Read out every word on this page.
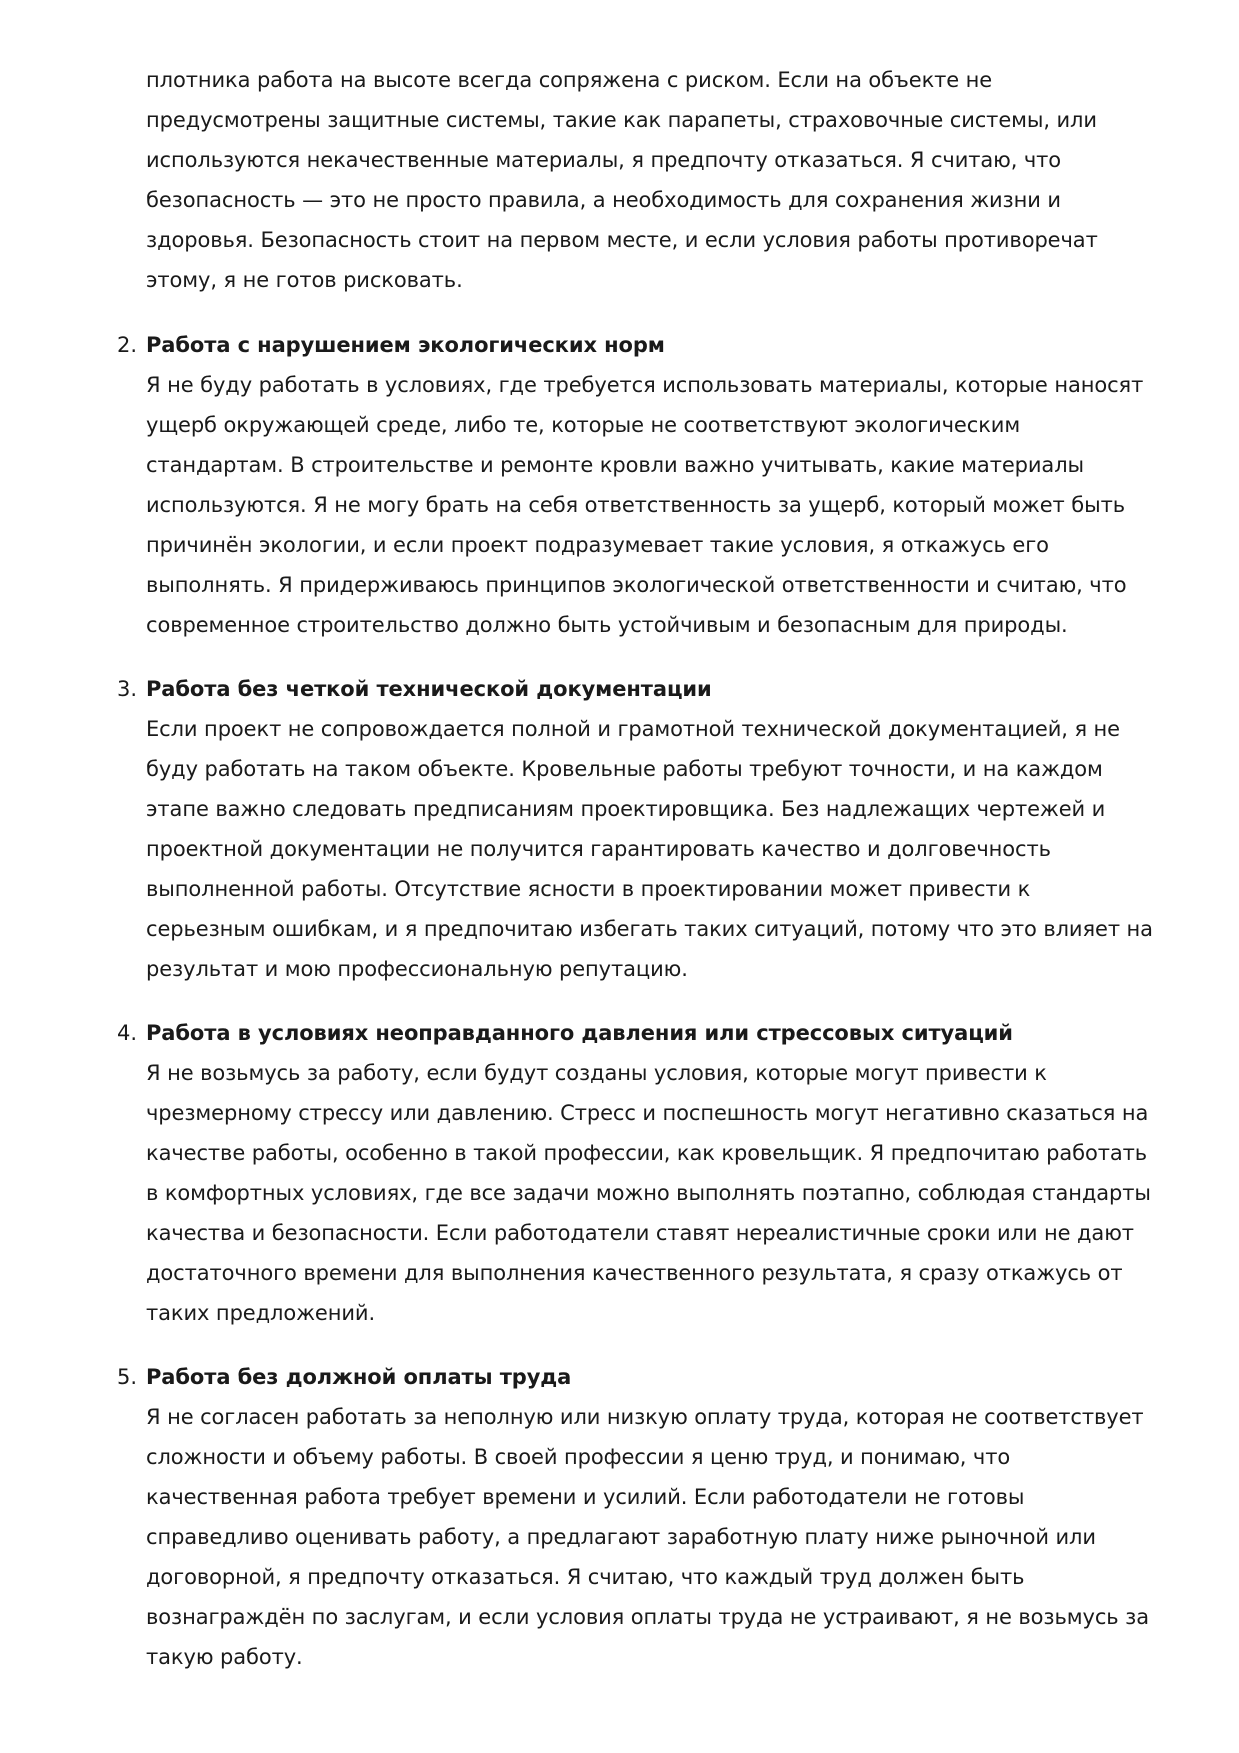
плотника работа на высоте всегда сопряжена с риском. Если на объекте не предусмотрены защитные системы, такие как парапеты, страховочные системы, или используются некачественные материалы, я предпочту отказаться. Я считаю, что безопасность — это не просто правила, а необходимость для сохранения жизни и здоровья. Безопасность стоит на первом месте, и если условия работы противоречат этому, я не готов рисковать.
2. Работа с нарушением экологических норм
Я не буду работать в условиях, где требуется использовать материалы, которые наносят ущерб окружающей среде, либо те, которые не соответствуют экологическим стандартам. В строительстве и ремонте кровли важно учитывать, какие материалы используются. Я не могу брать на себя ответственность за ущерб, который может быть причинён экологии, и если проект подразумевает такие условия, я откажусь его выполнять. Я придерживаюсь принципов экологической ответственности и считаю, что современное строительство должно быть устойчивым и безопасным для природы.
3. Работа без четкой технической документации
Если проект не сопровождается полной и грамотной технической документацией, я не буду работать на таком объекте. Кровельные работы требуют точности, и на каждом этапе важно следовать предписаниям проектировщика. Без надлежащих чертежей и проектной документации не получится гарантировать качество и долговечность выполненной работы. Отсутствие ясности в проектировании может привести к серьезным ошибкам, и я предпочитаю избегать таких ситуаций, потому что это влияет на результат и мою профессиональную репутацию.
4. Работа в условиях неоправданного давления или стрессовых ситуаций
Я не возьмусь за работу, если будут созданы условия, которые могут привести к чрезмерному стрессу или давлению. Стресс и поспешность могут негативно сказаться на качестве работы, особенно в такой профессии, как кровельщик. Я предпочитаю работать в комфортных условиях, где все задачи можно выполнять поэтапно, соблюдая стандарты качества и безопасности. Если работодатели ставят нереалистичные сроки или не дают достаточного времени для выполнения качественного результата, я сразу откажусь от таких предложений.
5. Работа без должной оплаты труда
Я не согласен работать за неполную или низкую оплату труда, которая не соответствует сложности и объему работы. В своей профессии я ценю труд, и понимаю, что качественная работа требует времени и усилий. Если работодатели не готовы справедливо оценивать работу, а предлагают заработную плату ниже рыночной или договорной, я предпочту отказаться. Я считаю, что каждый труд должен быть вознаграждён по заслугам, и если условия оплаты труда не устраивают, я не возьмусь за такую работу.
